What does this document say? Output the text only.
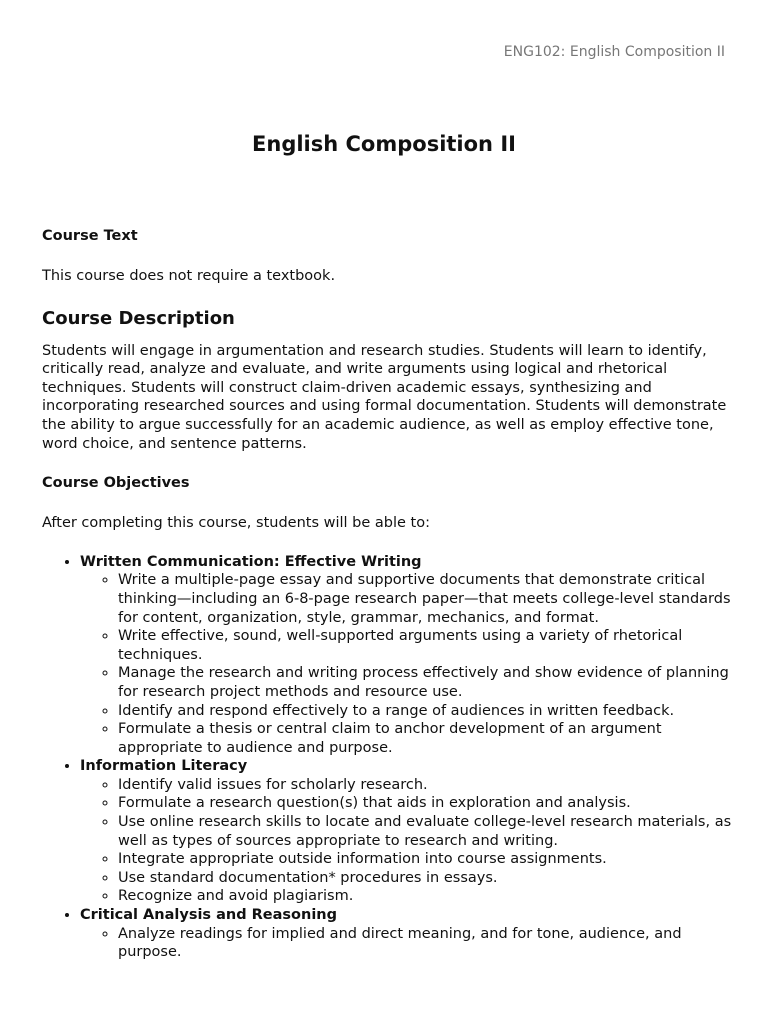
ENG102: English Composition II
English Composition II
Course Text

This course does not require a textbook.

Course Description

Students will engage in argumentation and research studies. Students will learn to identify, critically read, analyze and evaluate, and write arguments using logical and rhetorical techniques. Students will construct claim-driven academic essays, synthesizing and incorporating researched sources and using formal documentation. Students will demonstrate the ability to argue successfully for an academic audience, as well as employ effective tone, word choice, and sentence patterns.

Course Objectives

After completing this course, students will be able to:

• Written Communication: Effective Writing
◦ Write a multiple-page essay and supportive documents that demonstrate critical thinking—including an 6-8-page research paper—that meets college-level standards for content, organization, style, grammar, mechanics, and format.
◦ Write effective, sound, well-supported arguments using a variety of rhetorical techniques.
◦ Manage the research and writing process effectively and show evidence of planning for research project methods and resource use.
◦ Identify and respond effectively to a range of audiences in written feedback.
◦ Formulate a thesis or central claim to anchor development of an argument appropriate to audience and purpose.
• Information Literacy
◦ Identify valid issues for scholarly research.
◦ Formulate a research question(s) that aids in exploration and analysis.
◦ Use online research skills to locate and evaluate college-level research materials, as well as types of sources appropriate to research and writing.
◦ Integrate appropriate outside information into course assignments.
◦ Use standard documentation* procedures in essays.
◦ Recognize and avoid plagiarism.
• Critical Analysis and Reasoning
◦ Analyze readings for implied and direct meaning, and for tone, audience, and purpose.
